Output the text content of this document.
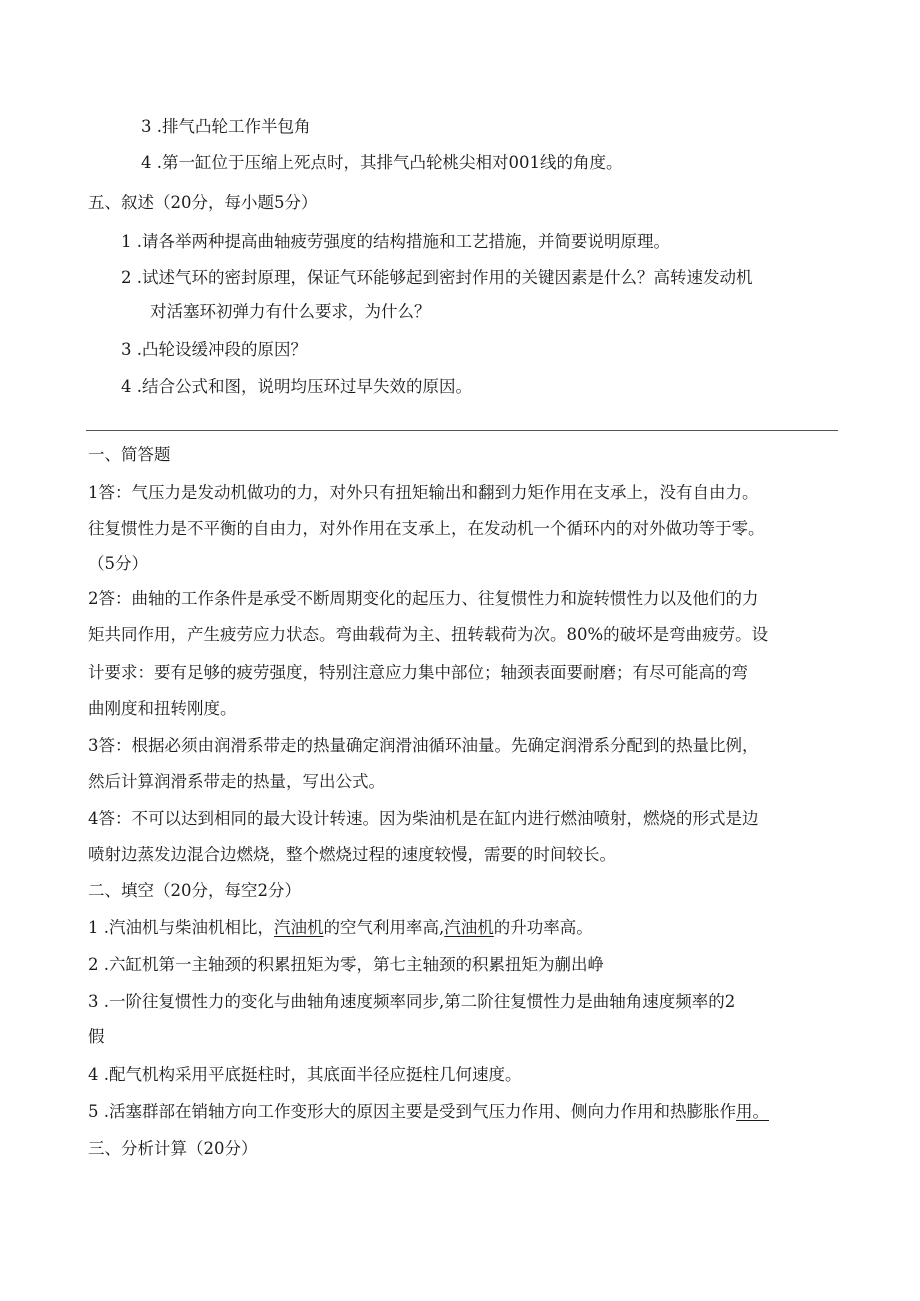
3 .排气凸轮工作半包角
4 .第一缸位于压缩上死点时，其排气凸轮桃尖相对001线的角度。
五、叙述（20分，每小题5分）
1 .请各举两种提高曲轴疲劳强度的结构措施和工艺措施，并简要说明原理。
2 .试述气环的密封原理，保证气环能够起到密封作用的关键因素是什么？高转速发动机
对活塞环初弹力有什么要求，为什么？
3 .凸轮设缓冲段的原因？
4 .结合公式和图，说明均压环过早失效的原因。
一、简答题
1答：气压力是发动机做功的力，对外只有扭矩输出和翻到力矩作用在支承上，没有自由力。
往复惯性力是不平衡的自由力，对外作用在支承上，在发动机一个循环内的对外做功等于零。
（5分）
2答：曲轴的工作条件是承受不断周期变化的起压力、往复惯性力和旋转惯性力以及他们的力
矩共同作用，产生疲劳应力状态。弯曲载荷为主、扭转载荷为次。80%的破坏是弯曲疲劳。设
计要求：要有足够的疲劳强度，特别注意应力集中部位；轴颈表面要耐磨；有尽可能高的弯
曲刚度和扭转刚度。
3答：根据必须由润滑系带走的热量确定润滑油循环油量。先确定润滑系分配到的热量比例，
然后计算润滑系带走的热量，写出公式。
4答：不可以达到相同的最大设计转速。因为柴油机是在缸内进行燃油喷射，燃烧的形式是边
喷射边蒸发边混合边燃烧，整个燃烧过程的速度较慢，需要的时间较长。
二、填空（20分，每空2分）
1 .汽油机与柴油机相比，汽油机的空气利用率高,汽油机的升功率高。
2 .六缸机第一主轴颈的积累扭矩为零，第七主轴颈的积累扭矩为蒯出峥
3 .一阶往复惯性力的变化与曲轴角速度频率同步,第二阶往复惯性力是曲轴角速度频率的2
假
4 .配气机构采用平底挺柱时，其底面半径应挺柱几何速度。
5 .活塞群部在销轴方向工作变形大的原因主要是受到气压力作用、侧向力作用和热膨胀作用。
三、分析计算（20分）
